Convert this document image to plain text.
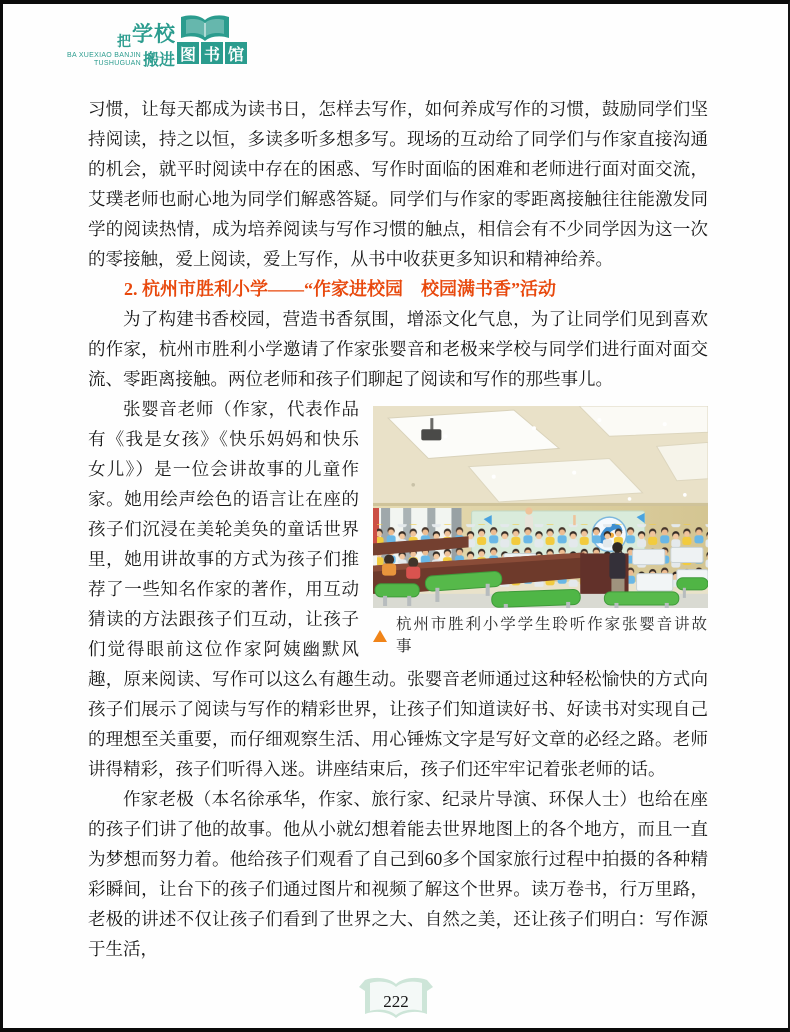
把 学校
搬进 图 书 馆
BA XUEXIAO BANJIN
TUSHUGUAN

习惯，让每天都成为读书日，怎样去写作，如何养成写作的习惯，鼓励同学们坚持阅读，持之以恒，多读多听多想多写。现场的互动给了同学们与作家直接沟通的机会，就平时阅读中存在的困惑、写作时面临的困难和老师进行面对面交流，艾璞老师也耐心地为同学们解惑答疑。同学们与作家的零距离接触往往能激发同学的阅读热情，成为培养阅读与写作习惯的触点，相信会有不少同学因为这一次的零接触，爱上阅读，爱上写作，从书中收获更多知识和精神给养。

2. 杭州市胜利小学——“作家进校园　校园满书香”活动

为了构建书香校园，营造书香氛围，增添文化气息，为了让同学们见到喜欢的作家，杭州市胜利小学邀请了作家张婴音和老极来学校与同学们进行面对面交流、零距离接触。两位老师和孩子们聊起了阅读和写作的那些事儿。

杭州市胜利小学学生聆听作家张婴音讲故事

张婴音老师（作家，代表作品有《我是女孩》《快乐妈妈和快乐女儿》）是一位会讲故事的儿童作家。她用绘声绘色的语言让在座的孩子们沉浸在美轮美奂的童话世界里，她用讲故事的方式为孩子们推荐了一些知名作家的著作，用互动猜读的方法跟孩子们互动，让孩子们觉得眼前这位作家阿姨幽默风趣，原来阅读、写作可以这么有趣生动。张婴音老师通过这种轻松愉快的方式向孩子们展示了阅读与写作的精彩世界，让孩子们知道读好书、好读书对实现自己的理想至关重要，而仔细观察生活、用心锤炼文字是写好文章的必经之路。老师讲得精彩，孩子们听得入迷。讲座结束后，孩子们还牢牢记着张老师的话。

作家老极（本名徐承华，作家、旅行家、纪录片导演、环保人士）也给在座的孩子们讲了他的故事。他从小就幻想着能去世界地图上的各个地方，而且一直为梦想而努力着。他给孩子们观看了自己到60多个国家旅行过程中拍摄的各种精彩瞬间，让台下的孩子们通过图片和视频了解这个世界。读万卷书，行万里路，老极的讲述不仅让孩子们看到了世界之大、自然之美，还让孩子们明白：写作源于生活，

222
